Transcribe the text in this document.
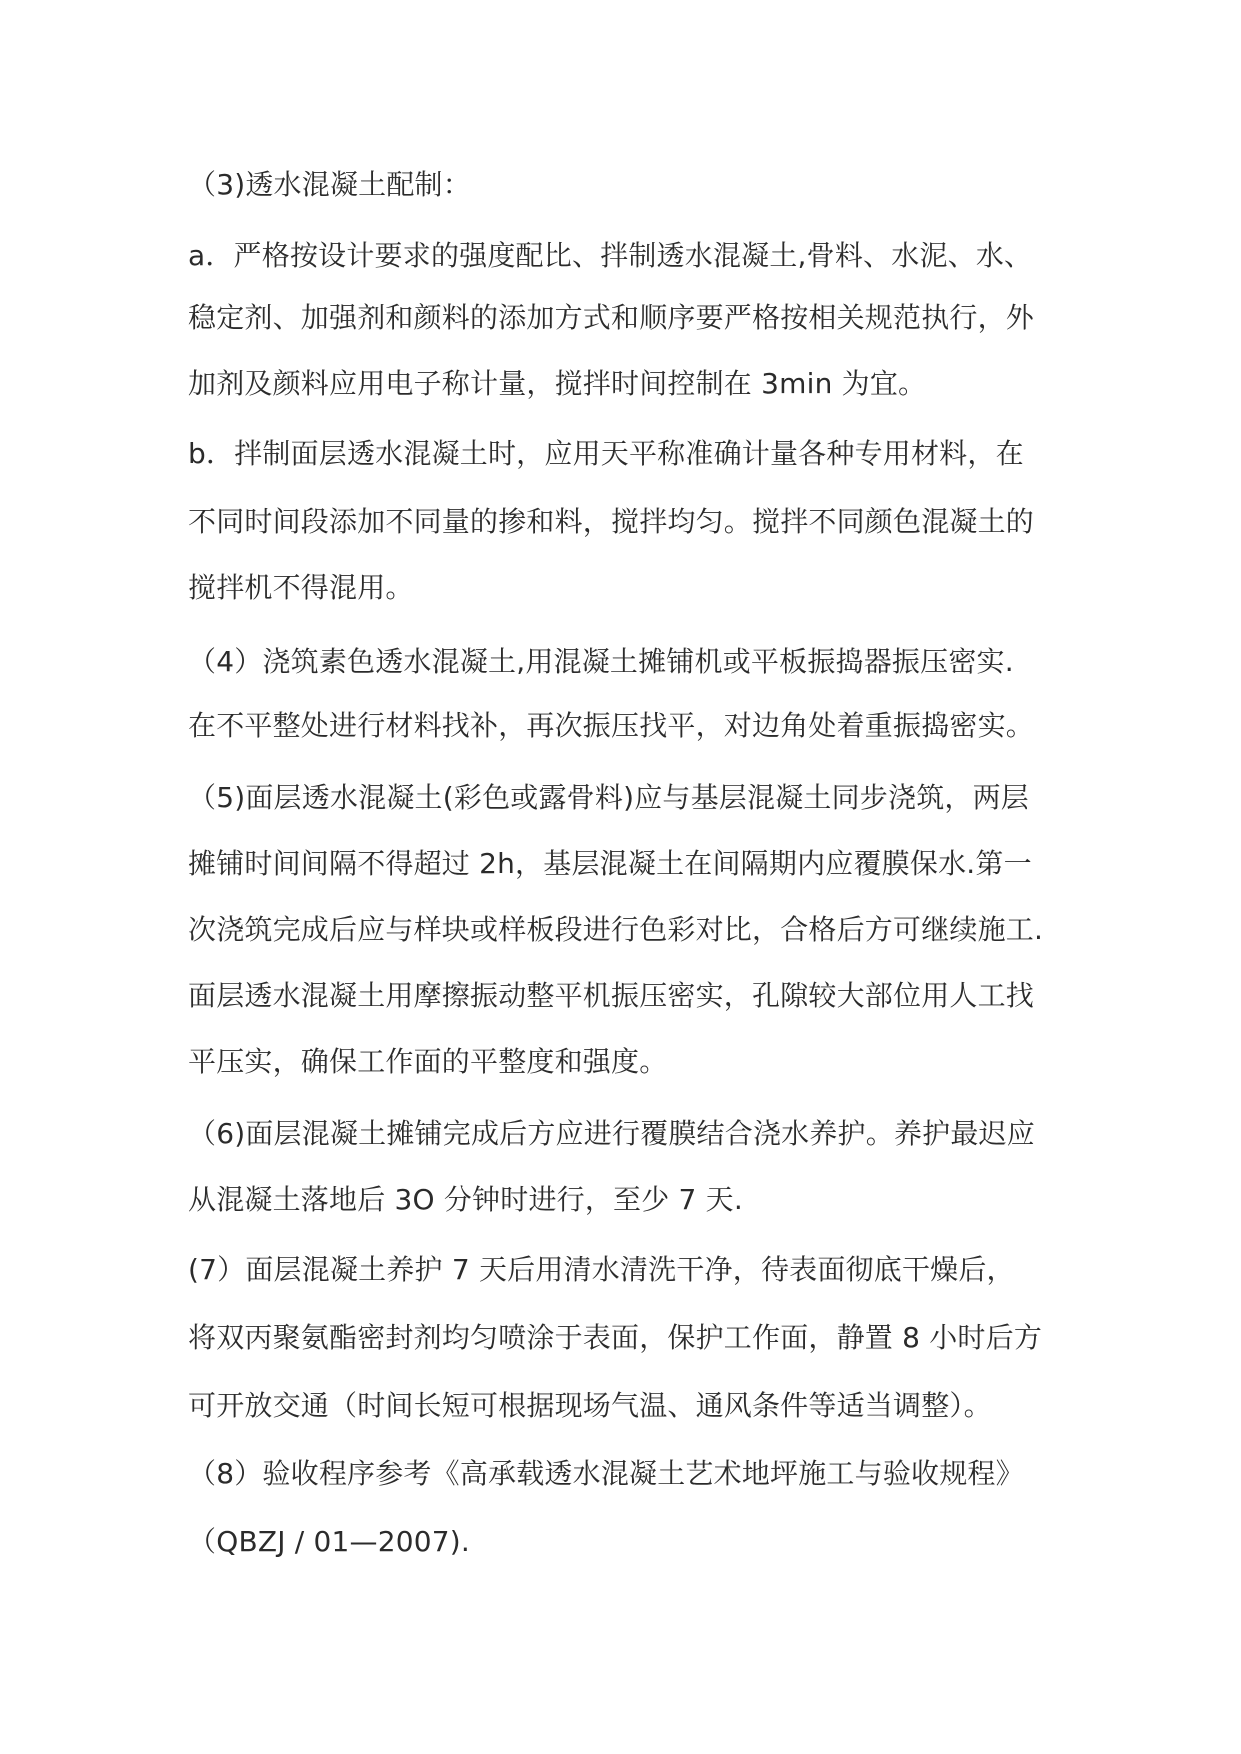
（3)透水混凝土配制：

a．严格按设计要求的强度配比、拌制透水混凝土,骨料、水泥、水、

稳定剂、加强剂和颜料的添加方式和顺序要严格按相关规范执行，外

加剂及颜料应用电子称计量，搅拌时间控制在 3min 为宜。

b．拌制面层透水混凝土时，应用天平称准确计量各种专用材料，在

不同时间段添加不同量的掺和料，搅拌均匀。搅拌不同颜色混凝土的

搅拌机不得混用。

（4）浇筑素色透水混凝土,用混凝土摊铺机或平板振捣器振压密实.

在不平整处进行材料找补，再次振压找平，对边角处着重振捣密实。

（5)面层透水混凝土(彩色或露骨料)应与基层混凝土同步浇筑，两层

摊铺时间间隔不得超过 2h，基层混凝土在间隔期内应覆膜保水.第一

次浇筑完成后应与样块或样板段进行色彩对比，合格后方可继续施工.

面层透水混凝土用摩擦振动整平机振压密实，孔隙较大部位用人工找

平压实，确保工作面的平整度和强度。

（6)面层混凝土摊铺完成后方应进行覆膜结合浇水养护。养护最迟应

从混凝土落地后 3O 分钟时进行，至少 7 天.

(7）面层混凝土养护 7 天后用清水清洗干净，待表面彻底干燥后，

将双丙聚氨酯密封剂均匀喷涂于表面，保护工作面，静置 8 小时后方

可开放交通（时间长短可根据现场气温、通风条件等适当调整）。

（8）验收程序参考《高承载透水混凝土艺术地坪施工与验收规程》

（QBZJ / 01—2007).
